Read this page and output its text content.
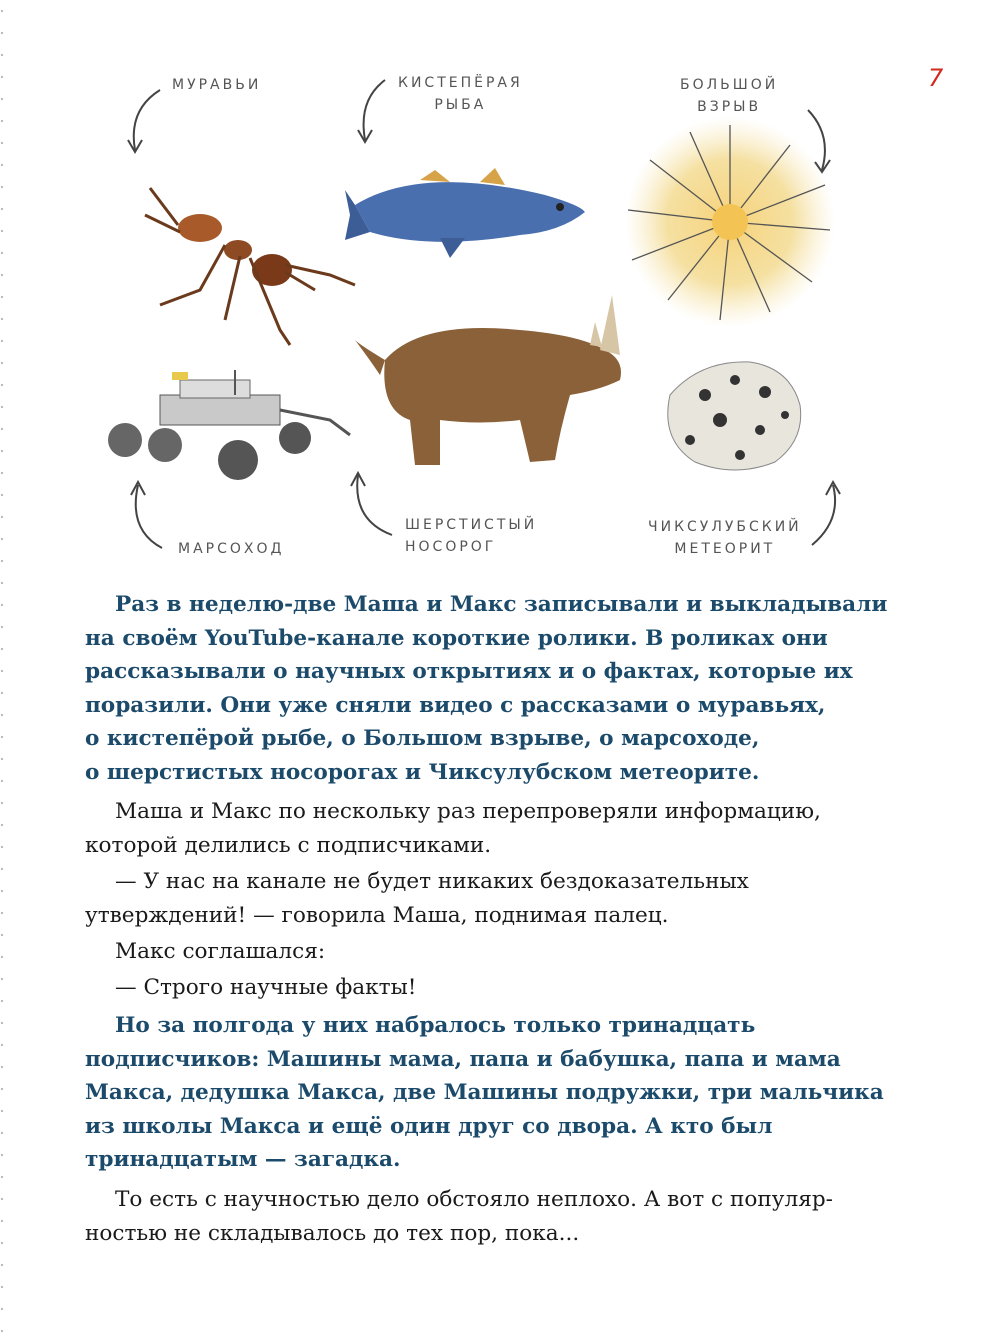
7
МУРАВЬИ	КИСТЕПЁРАЯ
РЫБА
БОЛЬШОЙ
ВЗРЫВ
МАРСОХОД
ШЕРСТИСТЫЙ
НОСОРОГ
ЧИКСУЛУБСКИЙ
МЕТЕОРИТ
Раз в неделю-две Маша и Макс записывали и выкладывали
на своём YouTube-канале короткие ролики. В роликах они
рассказывали о научных открытиях и о фактах, которые их
поразили. Они уже сняли видео с рассказами о муравьях,
о кистепёрой рыбе, о Большом взрыве, о марсоходе,
о шерстистых носорогах и Чиксулубском метеорите.
Маша и Макс по нескольку раз перепроверяли информацию,
которой делились с подписчиками.
— У нас на канале не будет никаких бездоказательных
утверждений! — говорила Маша, поднимая палец.
Макс соглашался:
— Строго научные факты!
Но за полгода у них набралось только тринадцать
подписчиков: Машины мама, папа и бабушка, папа и мама
Макса, дедушка Макса, две Машины подружки, три мальчика
из школы Макса и ещё один друг со двора. А кто был
тринадцатым — загадка.
То есть с научностью дело обстояло неплохо. А вот с популяр-
ностью не складывалось до тех пор, пока...
